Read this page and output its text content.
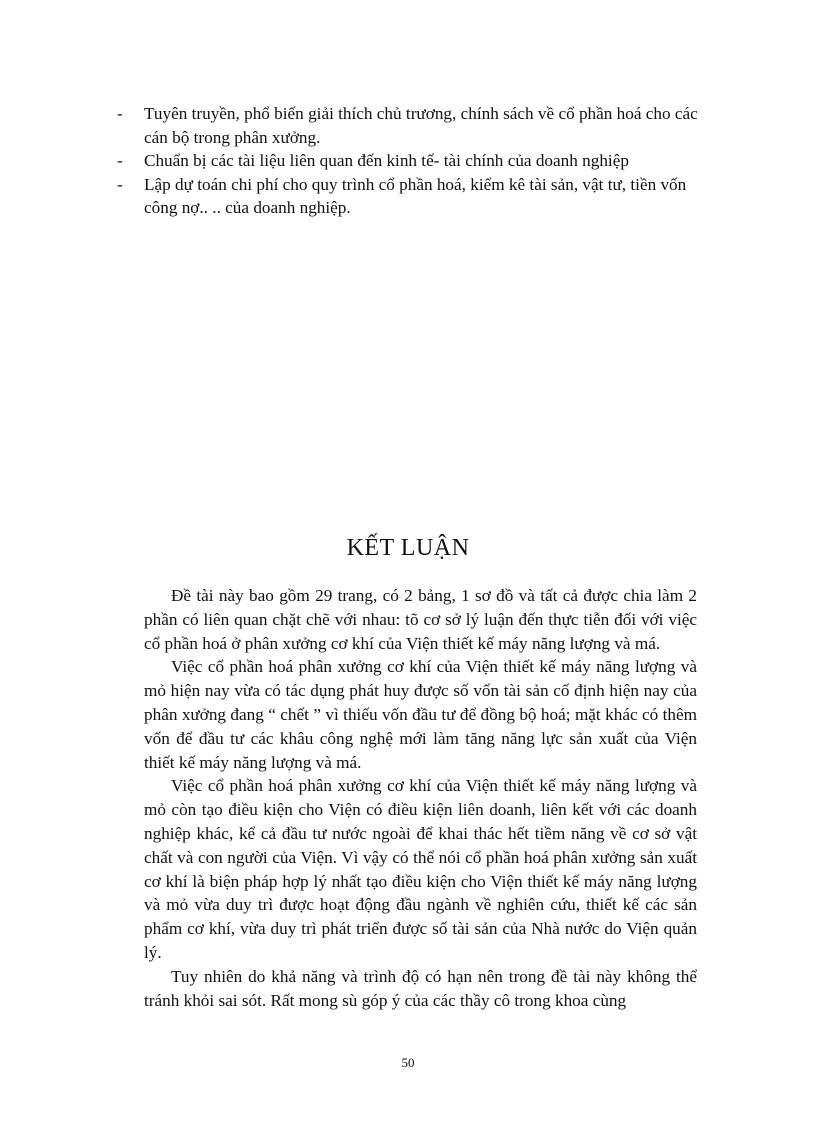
- Tuyên truyền, phổ biến giải thích chủ trương, chính sách về cổ phần hoá cho các cán bộ trong phân xưởng.
- Chuẩn bị các tài liệu liên quan đến kinh tế- tài chính của doanh nghiệp
- Lập dự toán chi phí cho quy trình cổ phần hoá, kiểm kê tài sản, vật tư, tiền vốn công nợ.. .. của doanh nghiệp.
KẾT LUẬN

Đề tài này bao gồm 29 trang, có 2 bảng, 1 sơ đồ và tất cả được chia làm 2 phần có liên quan chặt chẽ với nhau: tõ cơ sở lý luận đến thực tiễn đối với việc cổ phần hoá ở phân xưởng cơ khí của Viện thiết kế máy năng lượng và má.

Việc cổ phần hoá phân xưởng cơ khí của Viện thiết kế máy năng lượng và mỏ hiện nay vừa có tác dụng phát huy được số vốn tài sản cố định hiện nay của phân xưởng đang “ chết ” vì thiếu vốn đầu tư để đồng bộ hoá; mặt khác có thêm vốn để đầu tư các khâu công nghệ mới làm tăng năng lực sản xuất của Viện thiết kế máy năng lượng và má.

Việc cổ phần hoá phân xưởng cơ khí của Viện thiết kế máy năng lượng và mỏ còn tạo điều kiện cho Viện có điều kiện liên doanh, liên kết với các doanh nghiệp khác, kể cả đầu tư nước ngoài để khai thác hết tiềm năng về cơ sở vật chất và con người của Viện. Vì vậy có thể nói cổ phần hoá phân xưởng sản xuất cơ khí là biện pháp hợp lý nhất tạo điều kiện cho Viện thiết kế máy năng lượng và mỏ vừa duy trì được hoạt động đầu ngành về nghiên cứu, thiết kế các sản phẩm cơ khí, vừa duy trì phát triển được số tài sản của Nhà nước do Viện quản lý.

Tuy nhiên do khả năng và trình độ có hạn nên trong đề tài này không thể tránh khỏi sai sót. Rất mong sù góp ý của các thầy cô trong khoa cùng

50
